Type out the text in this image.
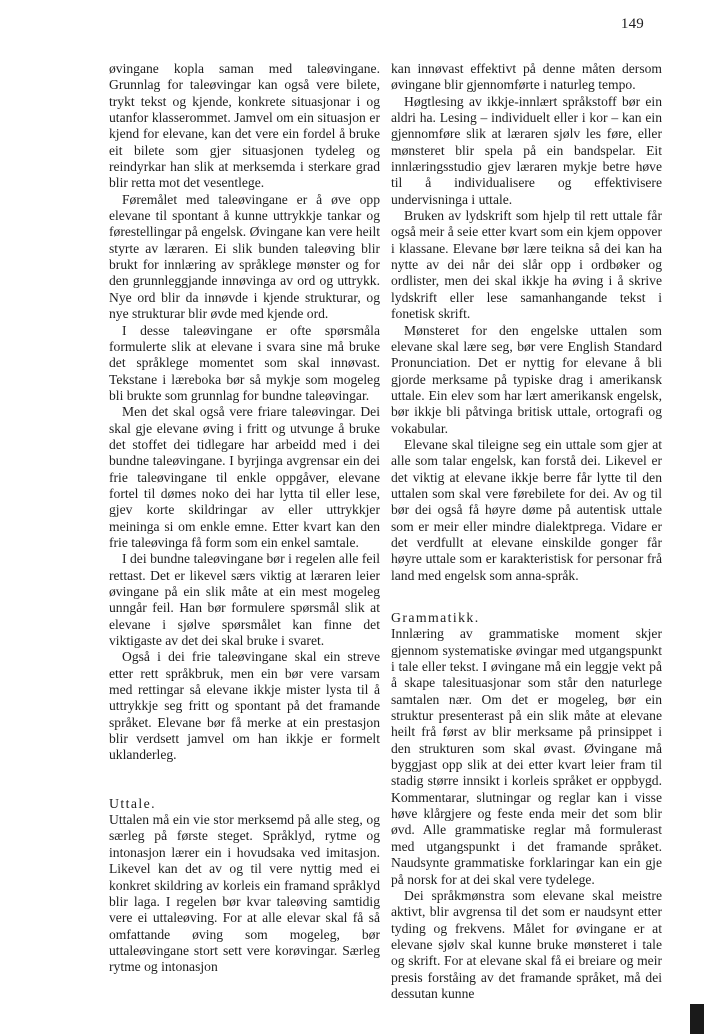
149

øvingane kopla saman med taleøvingane. Grunnlag for taleøvingar kan også vere bilete, trykt tekst og kjende, konkrete situasjonar i og utanfor klasserommet. Jamvel om ein situasjon er kjend for elevane, kan det vere ein fordel å bruke eit bilete som gjer situasjonen tydeleg og reindyrkar han slik at merksemda i sterkare grad blir retta mot det vesentlege.

Føremålet med taleøvingane er å øve opp elevane til spontant å kunne uttrykkje tankar og førestellingar på engelsk. Øvingane kan vere heilt styrte av læraren. Ei slik bunden taleøving blir brukt for innlæring av språklege mønster og for den grunnleggjande innøvinga av ord og uttrykk. Nye ord blir da innøvde i kjende strukturar, og nye strukturar blir øvde med kjende ord.

I desse taleøvingane er ofte spørsmåla formulerte slik at elevane i svara sine må bruke det språklege momentet som skal innøvast. Tekstane i læreboka bør så mykje som mogeleg bli brukte som grunnlag for bundne taleøvingar.

Men det skal også vere friare taleøvingar. Dei skal gje elevane øving i fritt og utvunge å bruke det stoffet dei tidlegare har arbeidd med i dei bundne taleøvingane. I byrjinga avgrensar ein dei frie taleøvingane til enkle oppgåver, elevane fortel til dømes noko dei har lytta til eller lese, gjev korte skildringar av eller uttrykkjer meininga si om enkle emne. Etter kvart kan den frie taleøvinga få form som ein enkel samtale.

I dei bundne taleøvingane bør i regelen alle feil rettast. Det er likevel særs viktig at læraren leier øvingane på ein slik måte at ein mest mogeleg unngår feil. Han bør formulere spørsmål slik at elevane i sjølve spørsmålet kan finne det viktigaste av det dei skal bruke i svaret.

Også i dei frie taleøvingane skal ein streve etter rett språkbruk, men ein bør vere varsam med rettingar så elevane ikkje mister lysta til å uttrykkje seg fritt og spontant på det framande språket. Elevane bør få merke at ein prestasjon blir verdsett jamvel om han ikkje er formelt uklanderleg.

Uttale.

Uttalen må ein vie stor merksemd på alle steg, og særleg på første steget. Språklyd, rytme og intonasjon lærer ein i hovudsaka ved imitasjon. Likevel kan det av og til vere nyttig med ei konkret skildring av korleis ein framand språklyd blir laga. I regelen bør kvar taleøving samtidig vere ei uttaleøving. For at alle elevar skal få så omfattande øving som mogeleg, bør uttaleøvingane stort sett vere korøvingar. Særleg rytme og intonasjon

kan innøvast effektivt på denne måten dersom øvingane blir gjennomførte i naturleg tempo.

Høgtlesing av ikkje-innlært språkstoff bør ein aldri ha. Lesing – individuelt eller i kor – kan ein gjennomføre slik at læraren sjølv les føre, eller mønsteret blir spela på ein bandspelar. Eit innlæringsstudio gjev læraren mykje betre høve til å individualisere og effektivisere undervisninga i uttale.

Bruken av lydskrift som hjelp til rett uttale får også meir å seie etter kvart som ein kjem oppover i klassane. Elevane bør lære teikna så dei kan ha nytte av dei når dei slår opp i ordbøker og ordlister, men dei skal ikkje ha øving i å skrive lydskrift eller lese samanhangande tekst i fonetisk skrift.

Mønsteret for den engelske uttalen som elevane skal lære seg, bør vere English Standard Pronunciation. Det er nyttig for elevane å bli gjorde merksame på typiske drag i amerikansk uttale. Ein elev som har lært amerikansk engelsk, bør ikkje bli påtvinga britisk uttale, ortografi og vokabular.

Elevane skal tileigne seg ein uttale som gjer at alle som talar engelsk, kan forstå dei. Likevel er det viktig at elevane ikkje berre får lytte til den uttalen som skal vere førebilete for dei. Av og til bør dei også få høyre døme på autentisk uttale som er meir eller mindre dialektpregа. Vidare er det verdfullt at elevane einskilde gonger får høyre uttale som er karakteristisk for personar frå land med engelsk som anna-språk.

Grammatikk.

Innlæring av grammatiske moment skjer gjennom systematiske øvingar med utgangspunkt i tale eller tekst. I øvingane må ein leggje vekt på å skape talesituasjonar som står den naturlege samtalen nær. Om det er mogeleg, bør ein struktur presenterast på ein slik måte at elevane heilt frå først av blir merksame på prinsippet i den strukturen som skal øvast. Øvingane må byggjast opp slik at dei etter kvart leier fram til stadig større innsikt i korleis språket er oppbygd. Kommentarar, slutningar og reglar kan i visse høve klårgjere og feste enda meir det som blir øvd. Alle grammatiske reglar må formulerast med utgangspunkt i det framande språket. Naudsynte grammatiske forklaringar kan ein gje på norsk for at dei skal vere tydelege.

Dei språkmønstra som elevane skal meistre aktivt, blir avgrensa til det som er naudsynt etter tyding og frekvens. Målet for øvingane er at elevane sjølv skal kunne bruke mønsteret i tale og skrift. For at elevane skal få ei breiare og meir presis forståing av det framande språket, må dei dessutan kunne
